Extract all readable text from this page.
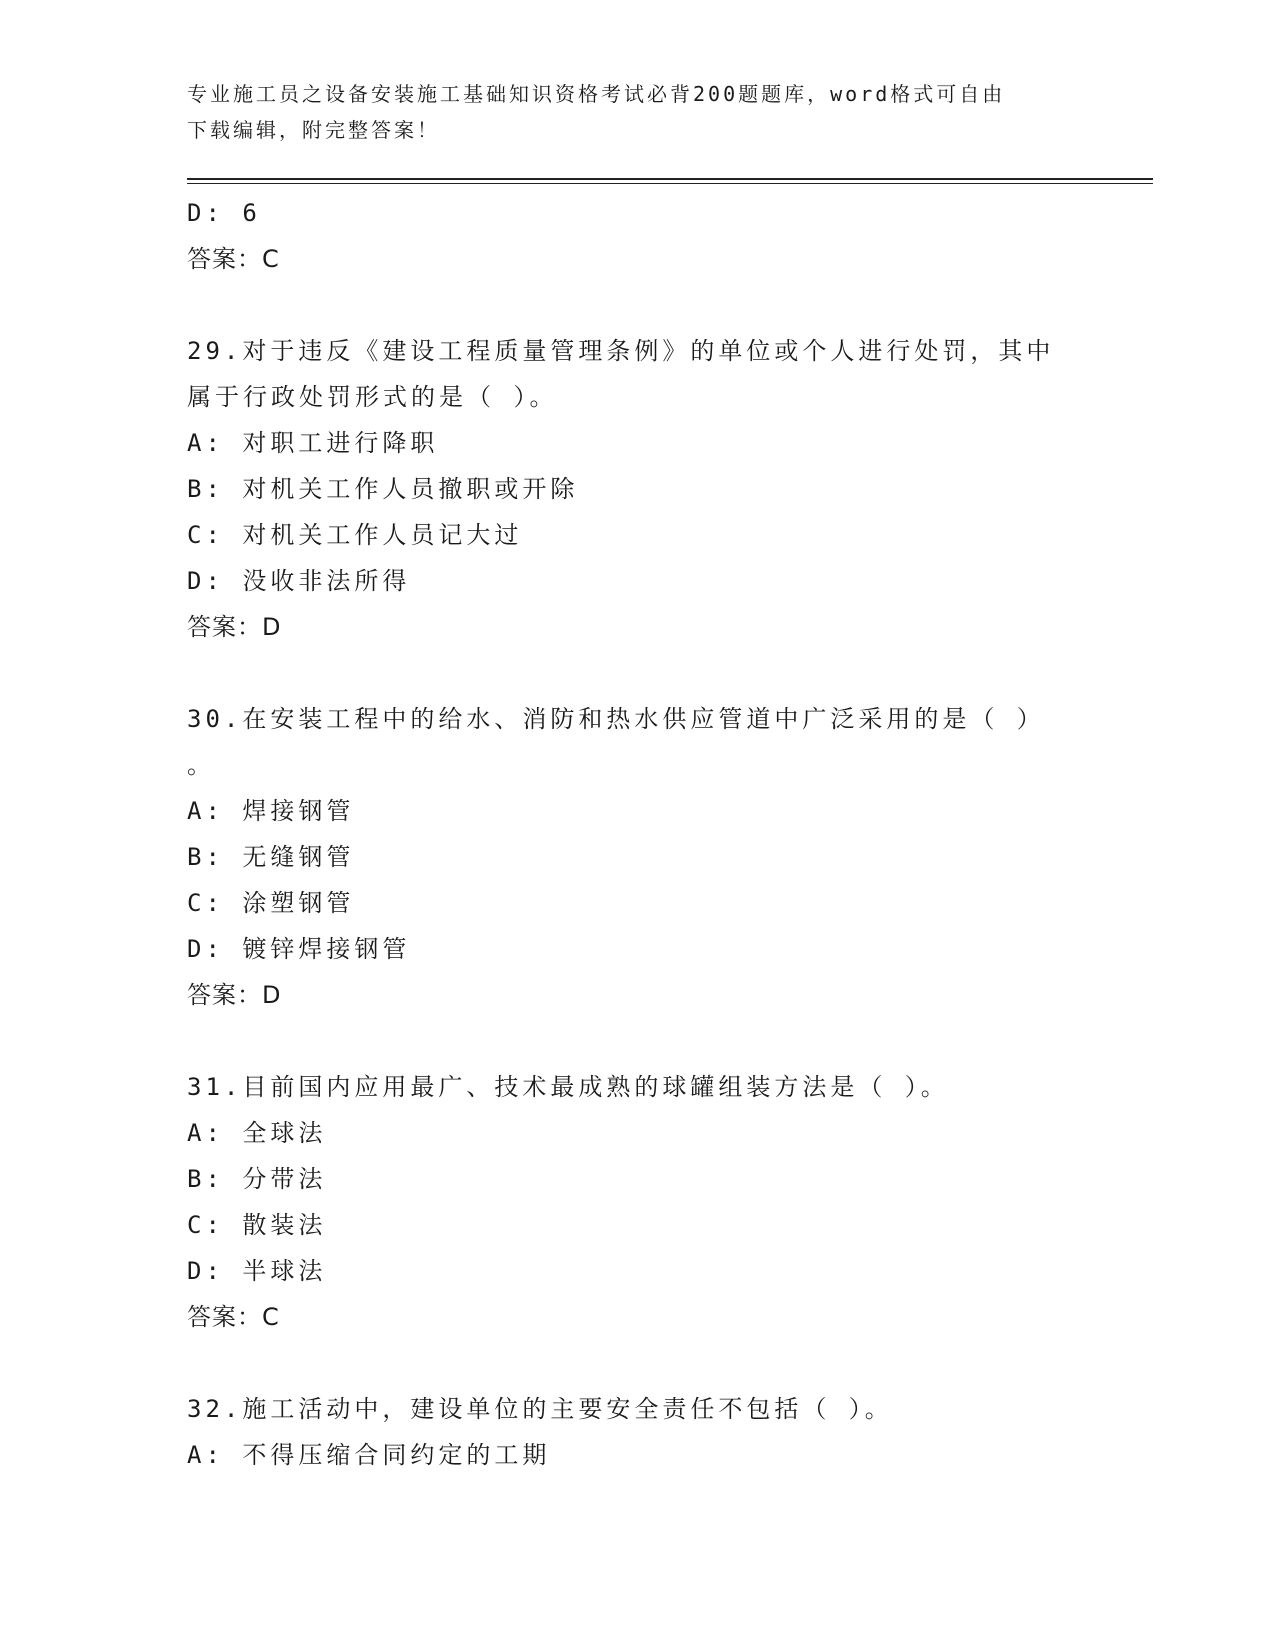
专业施工员之设备安装施工基础知识资格考试必背200题题库，word格式可自由
下载编辑，附完整答案！
D: 6
答案：C
29.对于违反《建设工程质量管理条例》的单位或个人进行处罚，其中
属于行政处罚形式的是（ ）。
A: 对职工进行降职
B: 对机关工作人员撤职或开除
C: 对机关工作人员记大过
D: 没收非法所得
答案：D
30.在安装工程中的给水、消防和热水供应管道中广泛采用的是（ ）
。
A: 焊接钢管
B: 无缝钢管
C: 涂塑钢管
D: 镀锌焊接钢管
答案：D
31.目前国内应用最广、技术最成熟的球罐组装方法是（ ）。
A: 全球法
B: 分带法
C: 散装法
D: 半球法
答案：C
32.施工活动中，建设单位的主要安全责任不包括（ ）。
A: 不得压缩合同约定的工期
